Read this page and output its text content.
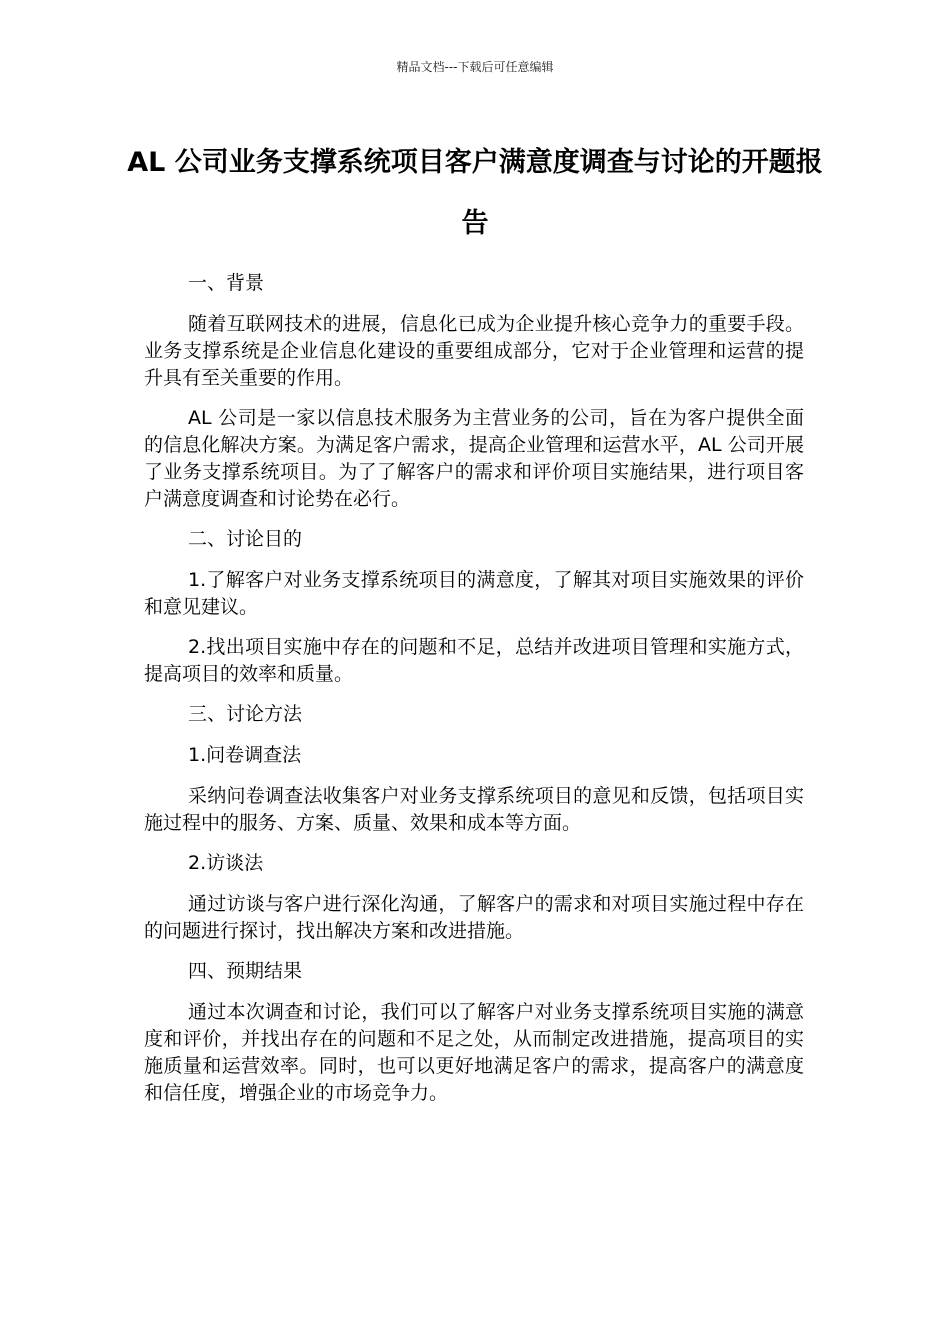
精品文档---下载后可任意编辑
AL 公司业务支撑系统项目客户满意度调查与讨论的开题报告

一、背景

随着互联网技术的进展，信息化已成为企业提升核心竞争力的重要手段。业务支撑系统是企业信息化建设的重要组成部分，它对于企业管理和运营的提升具有至关重要的作用。

AL 公司是一家以信息技术服务为主营业务的公司，旨在为客户提供全面的信息化解决方案。为满足客户需求，提高企业管理和运营水平，AL 公司开展了业务支撑系统项目。为了了解客户的需求和评价项目实施结果，进行项目客户满意度调查和讨论势在必行。

二、讨论目的

1.了解客户对业务支撑系统项目的满意度，了解其对项目实施效果的评价和意见建议。

2.找出项目实施中存在的问题和不足，总结并改进项目管理和实施方式，提高项目的效率和质量。

三、讨论方法

1.问卷调查法

采纳问卷调查法收集客户对业务支撑系统项目的意见和反馈，包括项目实施过程中的服务、方案、质量、效果和成本等方面。

2.访谈法

通过访谈与客户进行深化沟通，了解客户的需求和对项目实施过程中存在的问题进行探讨，找出解决方案和改进措施。

四、预期结果

通过本次调查和讨论，我们可以了解客户对业务支撑系统项目实施的满意度和评价，并找出存在的问题和不足之处，从而制定改进措施，提高项目的实施质量和运营效率。同时，也可以更好地满足客户的需求，提高客户的满意度和信任度，增强企业的市场竞争力。
